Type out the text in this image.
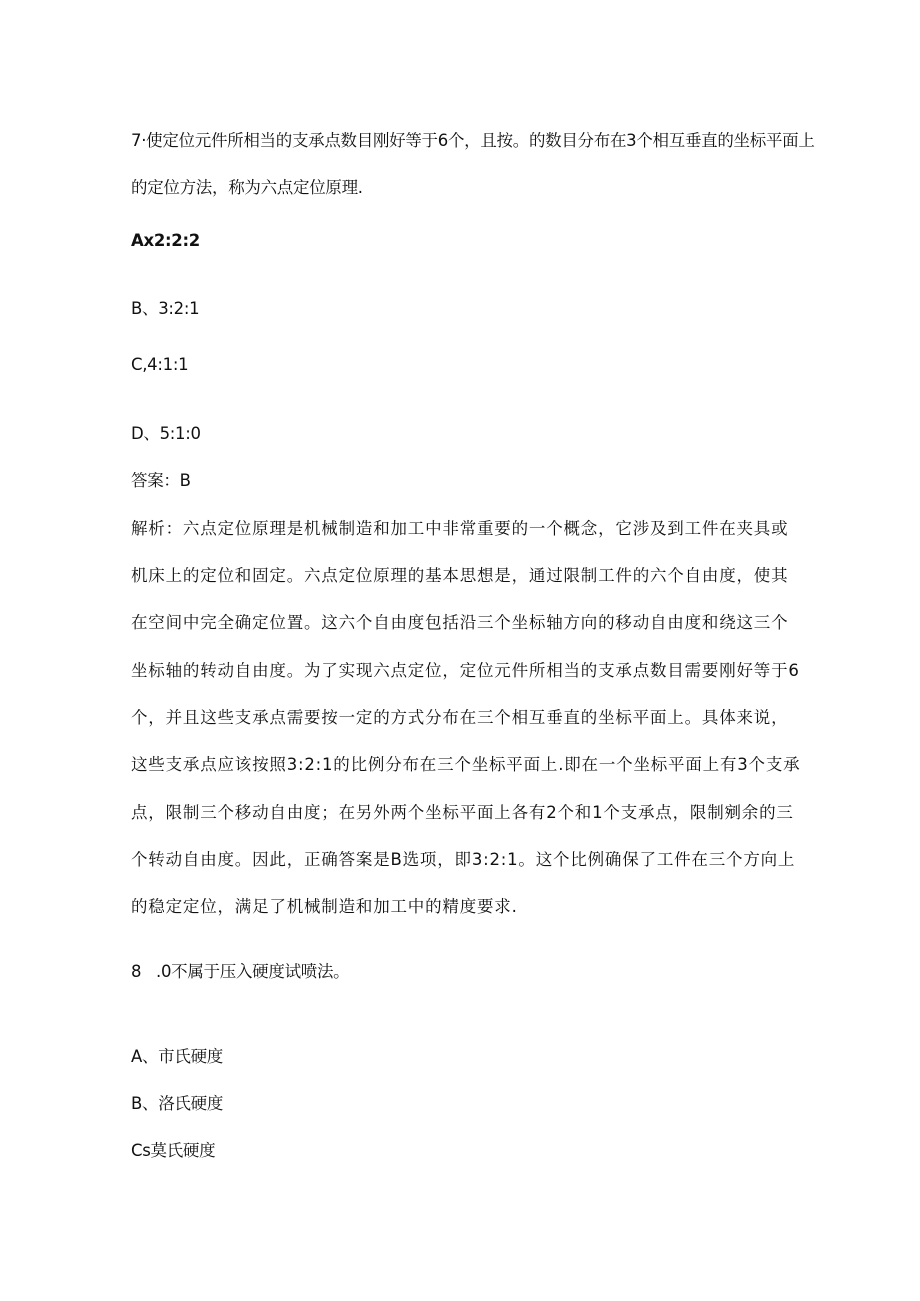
7·使定位元件所相当的支承点数目刚好等于6个，且按。的数目分布在3个相互垂直的坐标平面上
的定位方法，称为六点定位原理.
Ax2:2:2
B、3:2:1
C,4:1:1
D、5:1:0
答案：B
解析：六点定位原理是机械制造和加工中非常重要的一个概念，它涉及到工件在夹具或
机床上的定位和固定。六点定位原理的基本思想是，通过限制工件的六个自由度，使其
在空间中完全确定位置。这六个自由度包括沿三个坐标轴方向的移动自由度和绕这三个
坐标轴的转动自由度。为了实现六点定位，定位元件所相当的支承点数目需要刚好等于6
个，并且这些支承点需要按一定的方式分布在三个相互垂直的坐标平面上。具体来说，
这些支承点应该按照3:2:1的比例分布在三个坐标平面上.即在一个坐标平面上有3个支承
点，限制三个移动自由度；在另外两个坐标平面上各有2个和1个支承点，限制剜余的三
个转动自由度。因此，正确答案是B选项，即3:2:1。这个比例确保了工件在三个方向上
的稳定定位，满足了机械制造和加工中的精度要求.
8   .0不属于压入硬度试喷法。
A、市氏硬度
B、洛氏硬度
Cs莫氏硬度
